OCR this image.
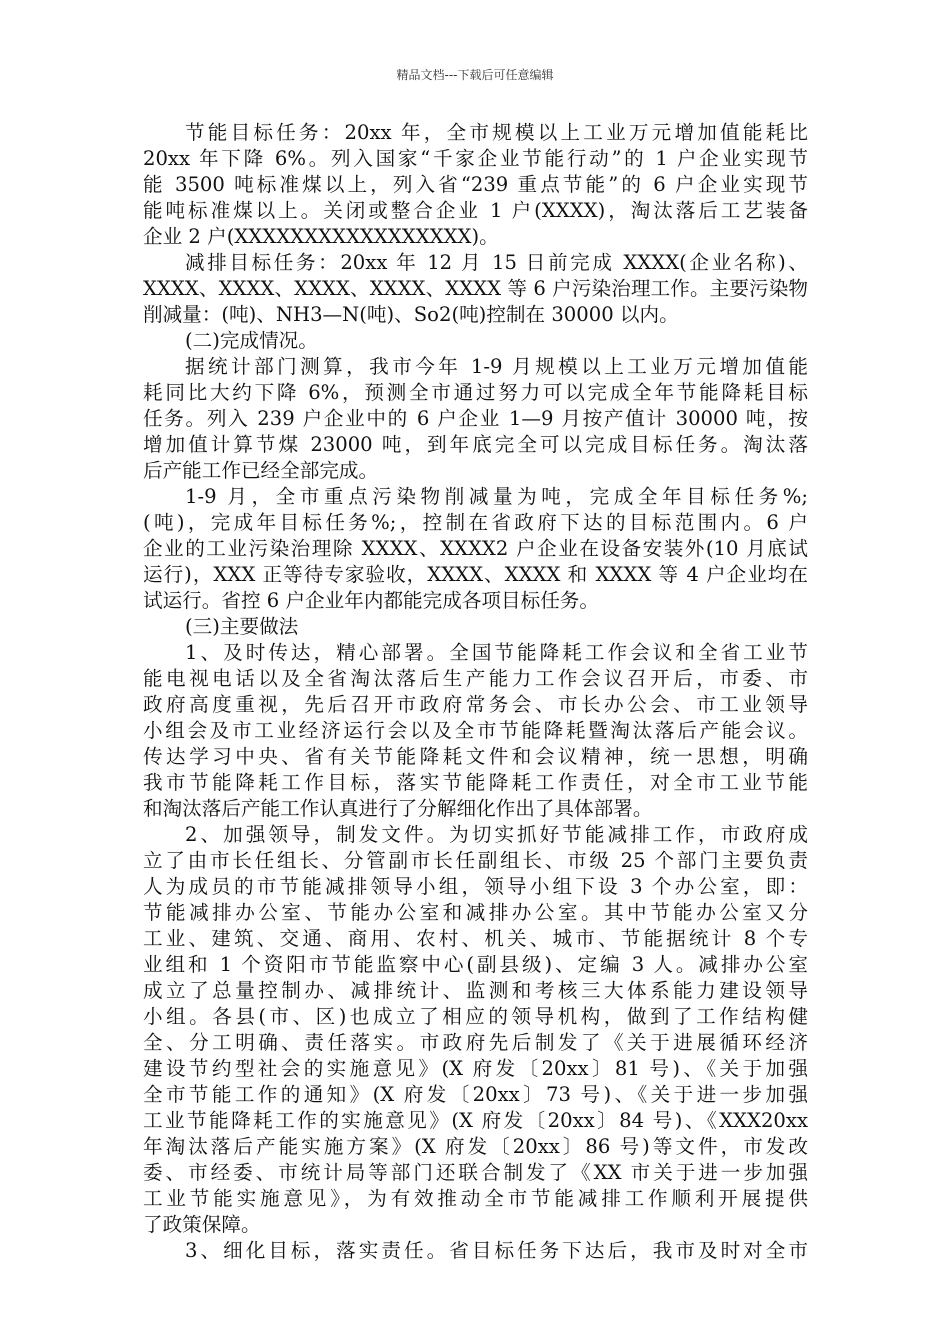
精品文档---下载后可任意编辑
节能目标任务：20xx 年，全市规模以上工业万元增加值能耗比
20xx 年下降 6%。列入国家“千家企业节能行动”的 1 户企业实现节
能 3500 吨标准煤以上，列入省“239 重点节能”的 6 户企业实现节
能吨标准煤以上。关闭或整合企业 1 户(XXXX)，淘汰落后工艺装备
企业 2 户(XXXXXXXXXXXXXXXXX)。
减排目标任务：20xx 年 12 月 15 日前完成 XXXX(企业名称)、
XXXX、XXXX、XXXX、XXXX、XXXX 等 6 户污染治理工作。主要污染物
削减量：(吨)、NH3—N(吨)、So2(吨)控制在 30000 以内。
(二)完成情况。
据统计部门测算，我市今年 1-9 月规模以上工业万元增加值能
耗同比大约下降 6%，预测全市通过努力可以完成全年节能降耗目标
任务。列入 239 户企业中的 6 户企业 1—9 月按产值计 30000 吨，按
增加值计算节煤 23000 吨，到年底完全可以完成目标任务。淘汰落
后产能工作已经全部完成。
1-9 月，全市重点污染物削减量为吨，完成全年目标任务%;
(吨)，完成年目标任务%;，控制在省政府下达的目标范围内。6 户
企业的工业污染治理除 XXXX、XXXX2 户企业在设备安装外(10 月底试
运行)，XXX 正等待专家验收，XXXX、XXXX 和 XXXX 等 4 户企业均在
试运行。省控 6 户企业年内都能完成各项目标任务。
(三)主要做法
1、及时传达，精心部署。全国节能降耗工作会议和全省工业节
能电视电话以及全省淘汰落后生产能力工作会议召开后，市委、市
政府高度重视，先后召开市政府常务会、市长办公会、市工业领导
小组会及市工业经济运行会以及全市节能降耗暨淘汰落后产能会议。
传达学习中央、省有关节能降耗文件和会议精神，统一思想，明确
我市节能降耗工作目标，落实节能降耗工作责任，对全市工业节能
和淘汰落后产能工作认真进行了分解细化作出了具体部署。
2、加强领导，制发文件。为切实抓好节能减排工作，市政府成
立了由市长任组长、分管副市长任副组长、市级 25 个部门主要负责
人为成员的市节能减排领导小组，领导小组下设 3 个办公室，即：
节能减排办公室、节能办公室和减排办公室。其中节能办公室又分
工业、建筑、交通、商用、农村、机关、城市、节能据统计 8 个专
业组和 1 个资阳市节能监察中心(副县级)、定编 3 人。减排办公室
成立了总量控制办、减排统计、监测和考核三大体系能力建设领导
小组。各县(市、区)也成立了相应的领导机构，做到了工作结构健
全、分工明确、责任落实。市政府先后制发了《关于进展循环经济
建设节约型社会的实施意见》(X 府发〔20xx〕81 号)、《关于加强
全市节能工作的通知》(X 府发〔20xx〕73 号)、《关于进一步加强
工业节能降耗工作的实施意见》(X 府发〔20xx〕84 号)、《XXX20xx
年淘汰落后产能实施方案》(X 府发〔20xx〕86 号)等文件，市发改
委、市经委、市统计局等部门还联合制发了《XX 市关于进一步加强
工业节能实施意见》，为有效推动全市节能减排工作顺利开展提供
了政策保障。
3、细化目标，落实责任。省目标任务下达后，我市及时对全市
